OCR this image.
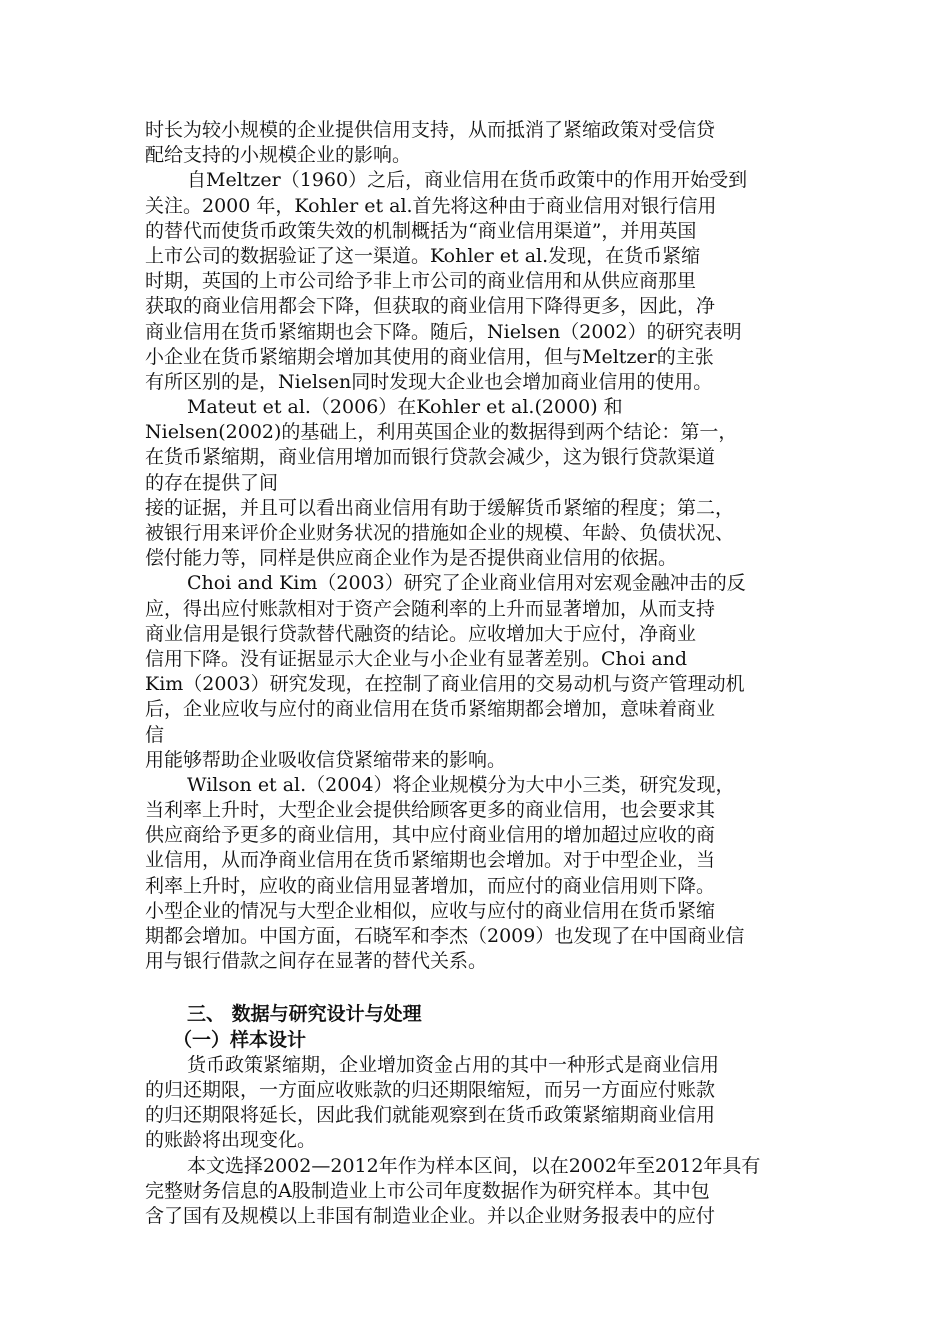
时长为较小规模的企业提供信用支持，从而抵消了紧缩政策对受信贷
配给支持的小规模企业的影响。
自Meltzer（1960）之后，商业信用在货币政策中的作用开始受到
关注。2000 年，Kohler et al.首先将这种由于商业信用对银行信用
的替代而使货币政策失效的机制概括为“商业信用渠道”，并用英国
上市公司的数据验证了这一渠道。Kohler et al.发现，在货币紧缩
时期，英国的上市公司给予非上市公司的商业信用和从供应商那里
获取的商业信用都会下降，但获取的商业信用下降得更多，因此，净
商业信用在货币紧缩期也会下降。随后，Nielsen（2002）的研究表明
小企业在货币紧缩期会增加其使用的商业信用，但与Meltzer的主张
有所区别的是，Nielsen同时发现大企业也会增加商业信用的使用。
Mateut et al.（2006）在Kohler et al.(2000) 和
Nielsen(2002)的基础上，利用英国企业的数据得到两个结论：第一，
在货币紧缩期，商业信用增加而银行贷款会减少，这为银行贷款渠道
的存在提供了间
接的证据，并且可以看出商业信用有助于缓解货币紧缩的程度；第二，
被银行用来评价企业财务状况的措施如企业的规模、年龄、负债状况、
偿付能力等，同样是供应商企业作为是否提供商业信用的依据。
Choi and Kim（2003）研究了企业商业信用对宏观金融冲击的反
应，得出应付账款相对于资产会随利率的上升而显著增加，从而支持
商业信用是银行贷款替代融资的结论。应收增加大于应付，净商业
信用下降。没有证据显示大企业与小企业有显著差别。Choi and
Kim（2003）研究发现，在控制了商业信用的交易动机与资产管理动机
后，企业应收与应付的商业信用在货币紧缩期都会增加，意味着商业
信
用能够帮助企业吸收信贷紧缩带来的影响。
Wilson et al.（2004）将企业规模分为大中小三类，研究发现，
当利率上升时，大型企业会提供给顾客更多的商业信用，也会要求其
供应商给予更多的商业信用，其中应付商业信用的增加超过应收的商
业信用，从而净商业信用在货币紧缩期也会增加。对于中型企业，当
利率上升时，应收的商业信用显著增加，而应付的商业信用则下降。
小型企业的情况与大型企业相似，应收与应付的商业信用在货币紧缩
期都会增加。中国方面，石晓军和李杰（2009）也发现了在中国商业信
用与银行借款之间存在显著的替代关系。
三、 数据与研究设计与处理
（一）样本设计
货币政策紧缩期，企业增加资金占用的其中一种形式是商业信用
的归还期限，一方面应收账款的归还期限缩短，而另一方面应付账款
的归还期限将延长，因此我们就能观察到在货币政策紧缩期商业信用
的账龄将出现变化。
本文选择2002—2012年作为样本区间，以在2002年至2012年具有
完整财务信息的A股制造业上市公司年度数据作为研究样本。其中包
含了国有及规模以上非国有制造业企业。并以企业财务报表中的应付
